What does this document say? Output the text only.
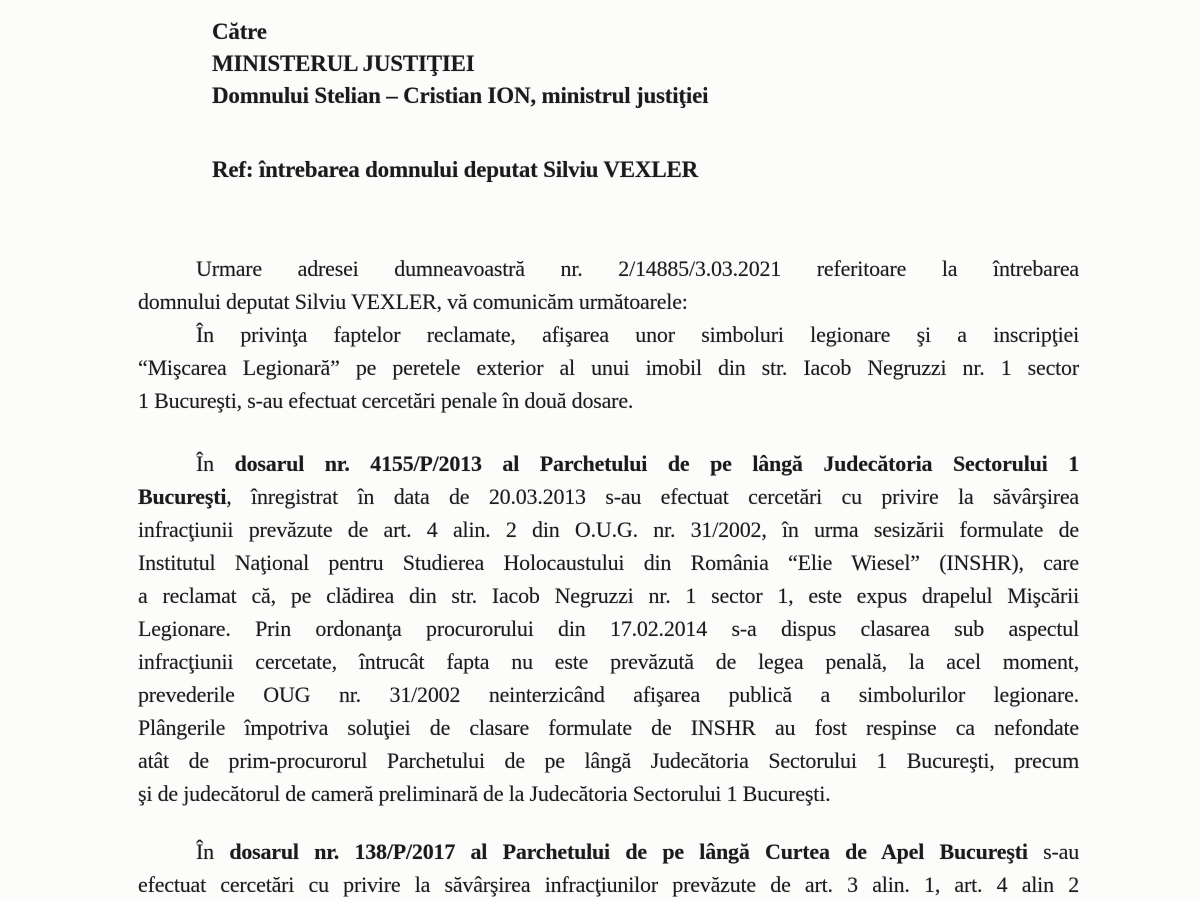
Către
MINISTERUL JUSTIŢIEI
Domnului Stelian – Cristian ION, ministrul justiţiei
Ref: întrebarea domnului deputat Silviu VEXLER
Urmare adresei dumneavoastră nr. 2/14885/3.03.2021 referitoare la întrebarea
domnului deputat Silviu VEXLER, vă comunicăm următoarele:
În privinţa faptelor reclamate, afişarea unor simboluri legionare şi a inscripţiei
“Mişcarea Legionară” pe peretele exterior al unui imobil din str. Iacob Negruzzi nr. 1 sector
1 Bucureşti, s-au efectuat cercetări penale în două dosare.
În dosarul nr. 4155/P/2013 al Parchetului de pe lângă Judecătoria Sectorului 1
Bucureşti, înregistrat în data de 20.03.2013 s-au efectuat cercetări cu privire la săvârşirea
infracţiunii prevăzute de art. 4 alin. 2 din O.U.G. nr. 31/2002, în urma sesizării formulate de
Institutul Naţional pentru Studierea Holocaustului din România “Elie Wiesel” (INSHR), care
a reclamat că, pe clădirea din str. Iacob Negruzzi nr. 1 sector 1, este expus drapelul Mişcării
Legionare. Prin ordonanţa procurorului din 17.02.2014 s-a dispus clasarea sub aspectul
infracţiunii cercetate, întrucât fapta nu este prevăzută de legea penală, la acel moment,
prevederile OUG nr. 31/2002 neinterzicând afişarea publică a simbolurilor legionare.
Plângerile împotriva soluţiei de clasare formulate de INSHR au fost respinse ca nefondate
atât de prim-procurorul Parchetului de pe lângă Judecătoria Sectorului 1 Bucureşti, precum
şi de judecătorul de cameră preliminară de la Judecătoria Sectorului 1 Bucureşti.
În dosarul nr. 138/P/2017 al Parchetului de pe lângă Curtea de Apel Bucureşti s-au
efectuat cercetări cu privire la săvârşirea infracţiunilor prevăzute de art. 3 alin. 1, art. 4 alin 2
